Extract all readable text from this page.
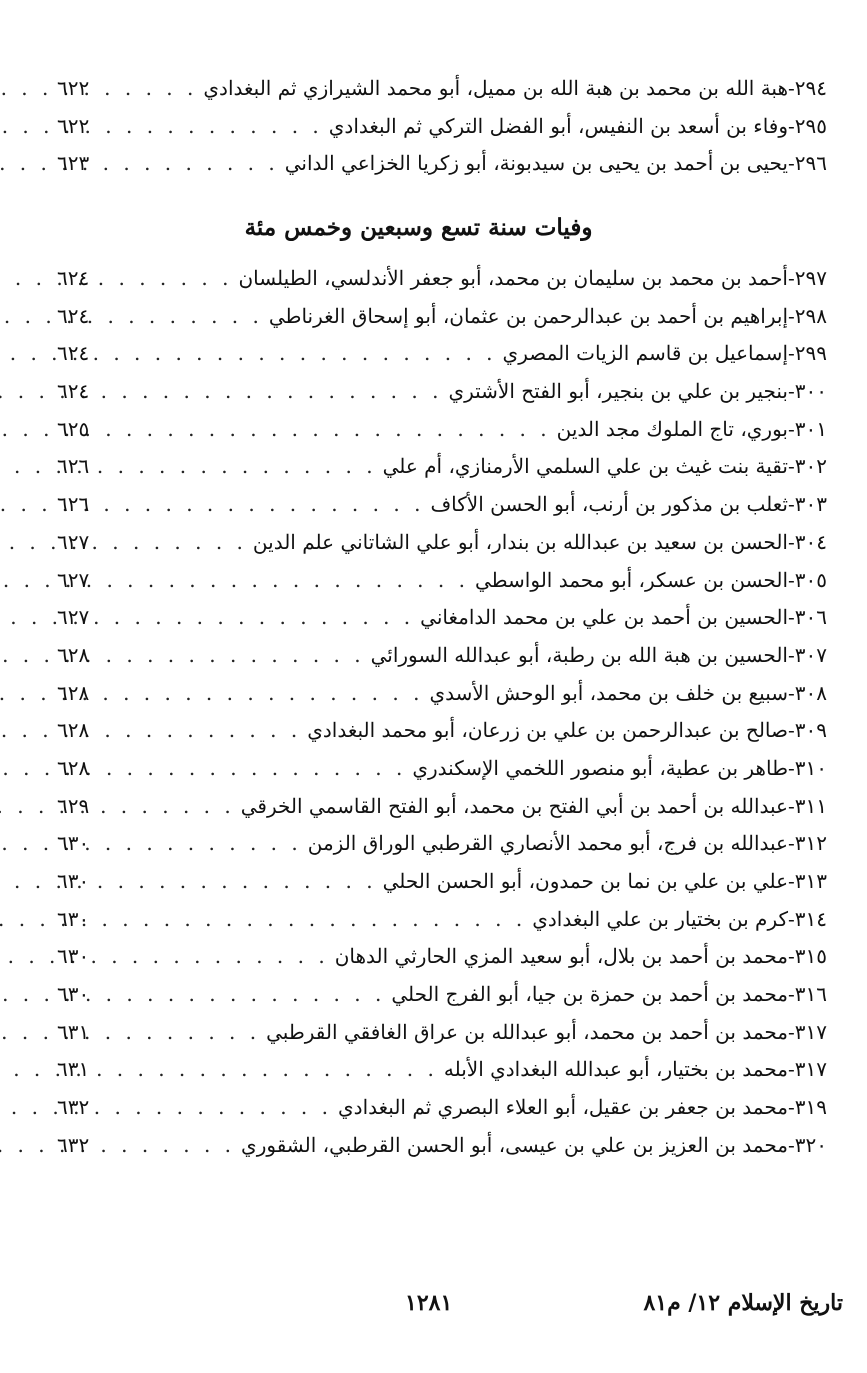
٢٩٤
-
هبة الله بن محمد بن هبة الله بن مميل، أبو محمد الشيرازي ثم البغدادي
. . .
٦٢٢
٢٩٥
-
وفاء بن أسعد بن النفيس، أبو الفضل التركي ثم البغدادي
. . .
٦٢٢
٢٩٦
-
يحيى بن أحمد بن يحيى بن سيدبونة، أبو زكريا الخزاعي الداني
. . .
٦٢٣
وفيات سنة تسع وسبعين وخمس مئة
٢٩٧
-
أحمد بن محمد بن سليمان بن محمد، أبو جعفر الأندلسي، الطيلسان
. . .
٦٢٤
٢٩٨
-
إبراهيم بن أحمد بن عبدالرحمن بن عثمان، أبو إسحاق الغرناطي
. . .
٦٢٤
٢٩٩
-
إسماعيل بن قاسم الزيات المصري
. . .
٦٢٤
٣٠٠
-
بنجير بن علي بن بنجير، أبو الفتح الأشتري
. . .
٦٢٤
٣٠١
-
بوري، تاج الملوك مجد الدين
. . .
٦٢٥
٣٠٢
-
تقية بنت غيث بن علي السلمي الأرمنازي، أم علي
. . .
٦٢٦
٣٠٣
-
ثعلب بن مذكور بن أرنب، أبو الحسن الأكاف
. . .
٦٢٦
٣٠٤
-
الحسن بن سعيد بن عبدالله بن بندار، أبو علي الشاتاني علم الدين
. . .
٦٢٧
٣٠٥
-
الحسن بن عسكر، أبو محمد الواسطي
. . .
٦٢٧
٣٠٦
-
الحسين بن أحمد بن علي بن محمد الدامغاني
. . .
٦٢٧
٣٠٧
-
الحسين بن هبة الله بن رطبة، أبو عبدالله السورائي
. . .
٦٢٨
٣٠٨
-
سبيع بن خلف بن محمد، أبو الوحش الأسدي
. . .
٦٢٨
٣٠٩
-
صالح بن عبدالرحمن بن علي بن زرعان، أبو محمد البغدادي
. . .
٦٢٨
٣١٠
-
طاهر بن عطية، أبو منصور اللخمي الإسكندري
. . .
٦٢٨
٣١١
-
عبدالله بن أحمد بن أبي الفتح بن محمد، أبو الفتح القاسمي الخرقي
. . .
٦٢٩
٣١٢
-
عبدالله بن فرج، أبو محمد الأنصاري القرطبي الوراق الزمن
. . .
٦٣٠
٣١٣
-
علي بن علي بن نما بن حمدون، أبو الحسن الحلي
. . .
٦٣٠
٣١٤
-
كرم بن بختيار بن علي البغدادي
. . .
٦٣٠
٣١٥
-
محمد بن أحمد بن بلال، أبو سعيد المزي الحارثي الدهان
. . .
٦٣٠
٣١٦
-
محمد بن أحمد بن حمزة بن جيا، أبو الفرج الحلي
. . .
٦٣٠
٣١٧
-
محمد بن أحمد بن محمد، أبو عبدالله بن عراق الغافقي القرطبي
. . .
٦٣١
٣١٧
-
محمد بن بختيار، أبو عبدالله البغدادي الأبله
. . .
٦٣١
٣١٩
-
محمد بن جعفر بن عقيل، أبو العلاء البصري ثم البغدادي
. . .
٦٣٢
٣٢٠
-
محمد بن العزيز بن علي بن عيسى، أبو الحسن القرطبي، الشقوري
. . .
٦٣٢
تاريخ الإسلام ١٢/ م٨١
١٢٨١
